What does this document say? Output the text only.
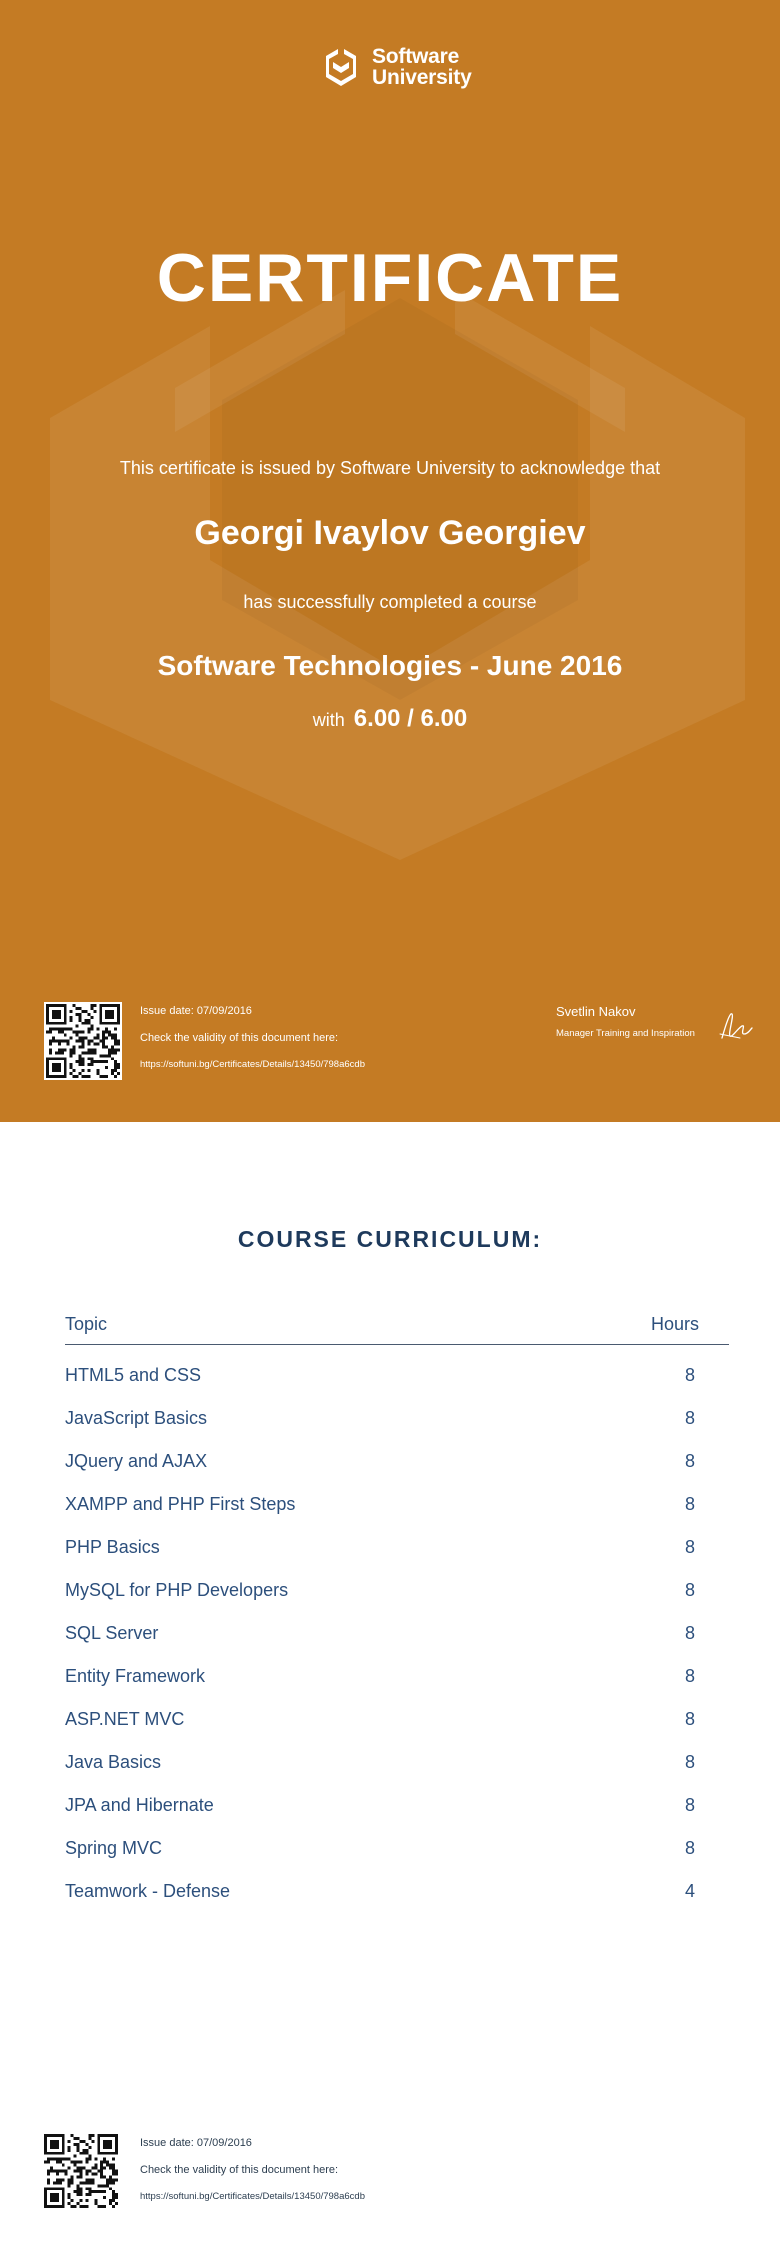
Software
University
CERTIFICATE

This certificate is issued by Software University to acknowledge that

Georgi Ivaylov Georgiev

has successfully completed a course

Software Technologies - June 2016

with 6.00 / 6.00

Issue date: 07/09/2016
Check the validity of this document here:
https://softuni.bg/Certificates/Details/13450/798a6cdb
Svetlin Nakov
Manager Training and Inspiration
COURSE CURRICULUM:
Topic	Hours
HTML5 and CSS	8
JavaScript Basics	8
JQuery and AJAX	8
XAMPP and PHP First Steps	8
PHP Basics	8
MySQL for PHP Developers	8
SQL Server	8
Entity Framework	8
ASP.NET MVC	8
Java Basics	8
JPA and Hibernate	8
Spring MVC	8
Teamwork - Defense	4
Issue date: 07/09/2016
Check the validity of this document here:
https://softuni.bg/Certificates/Details/13450/798a6cdb
